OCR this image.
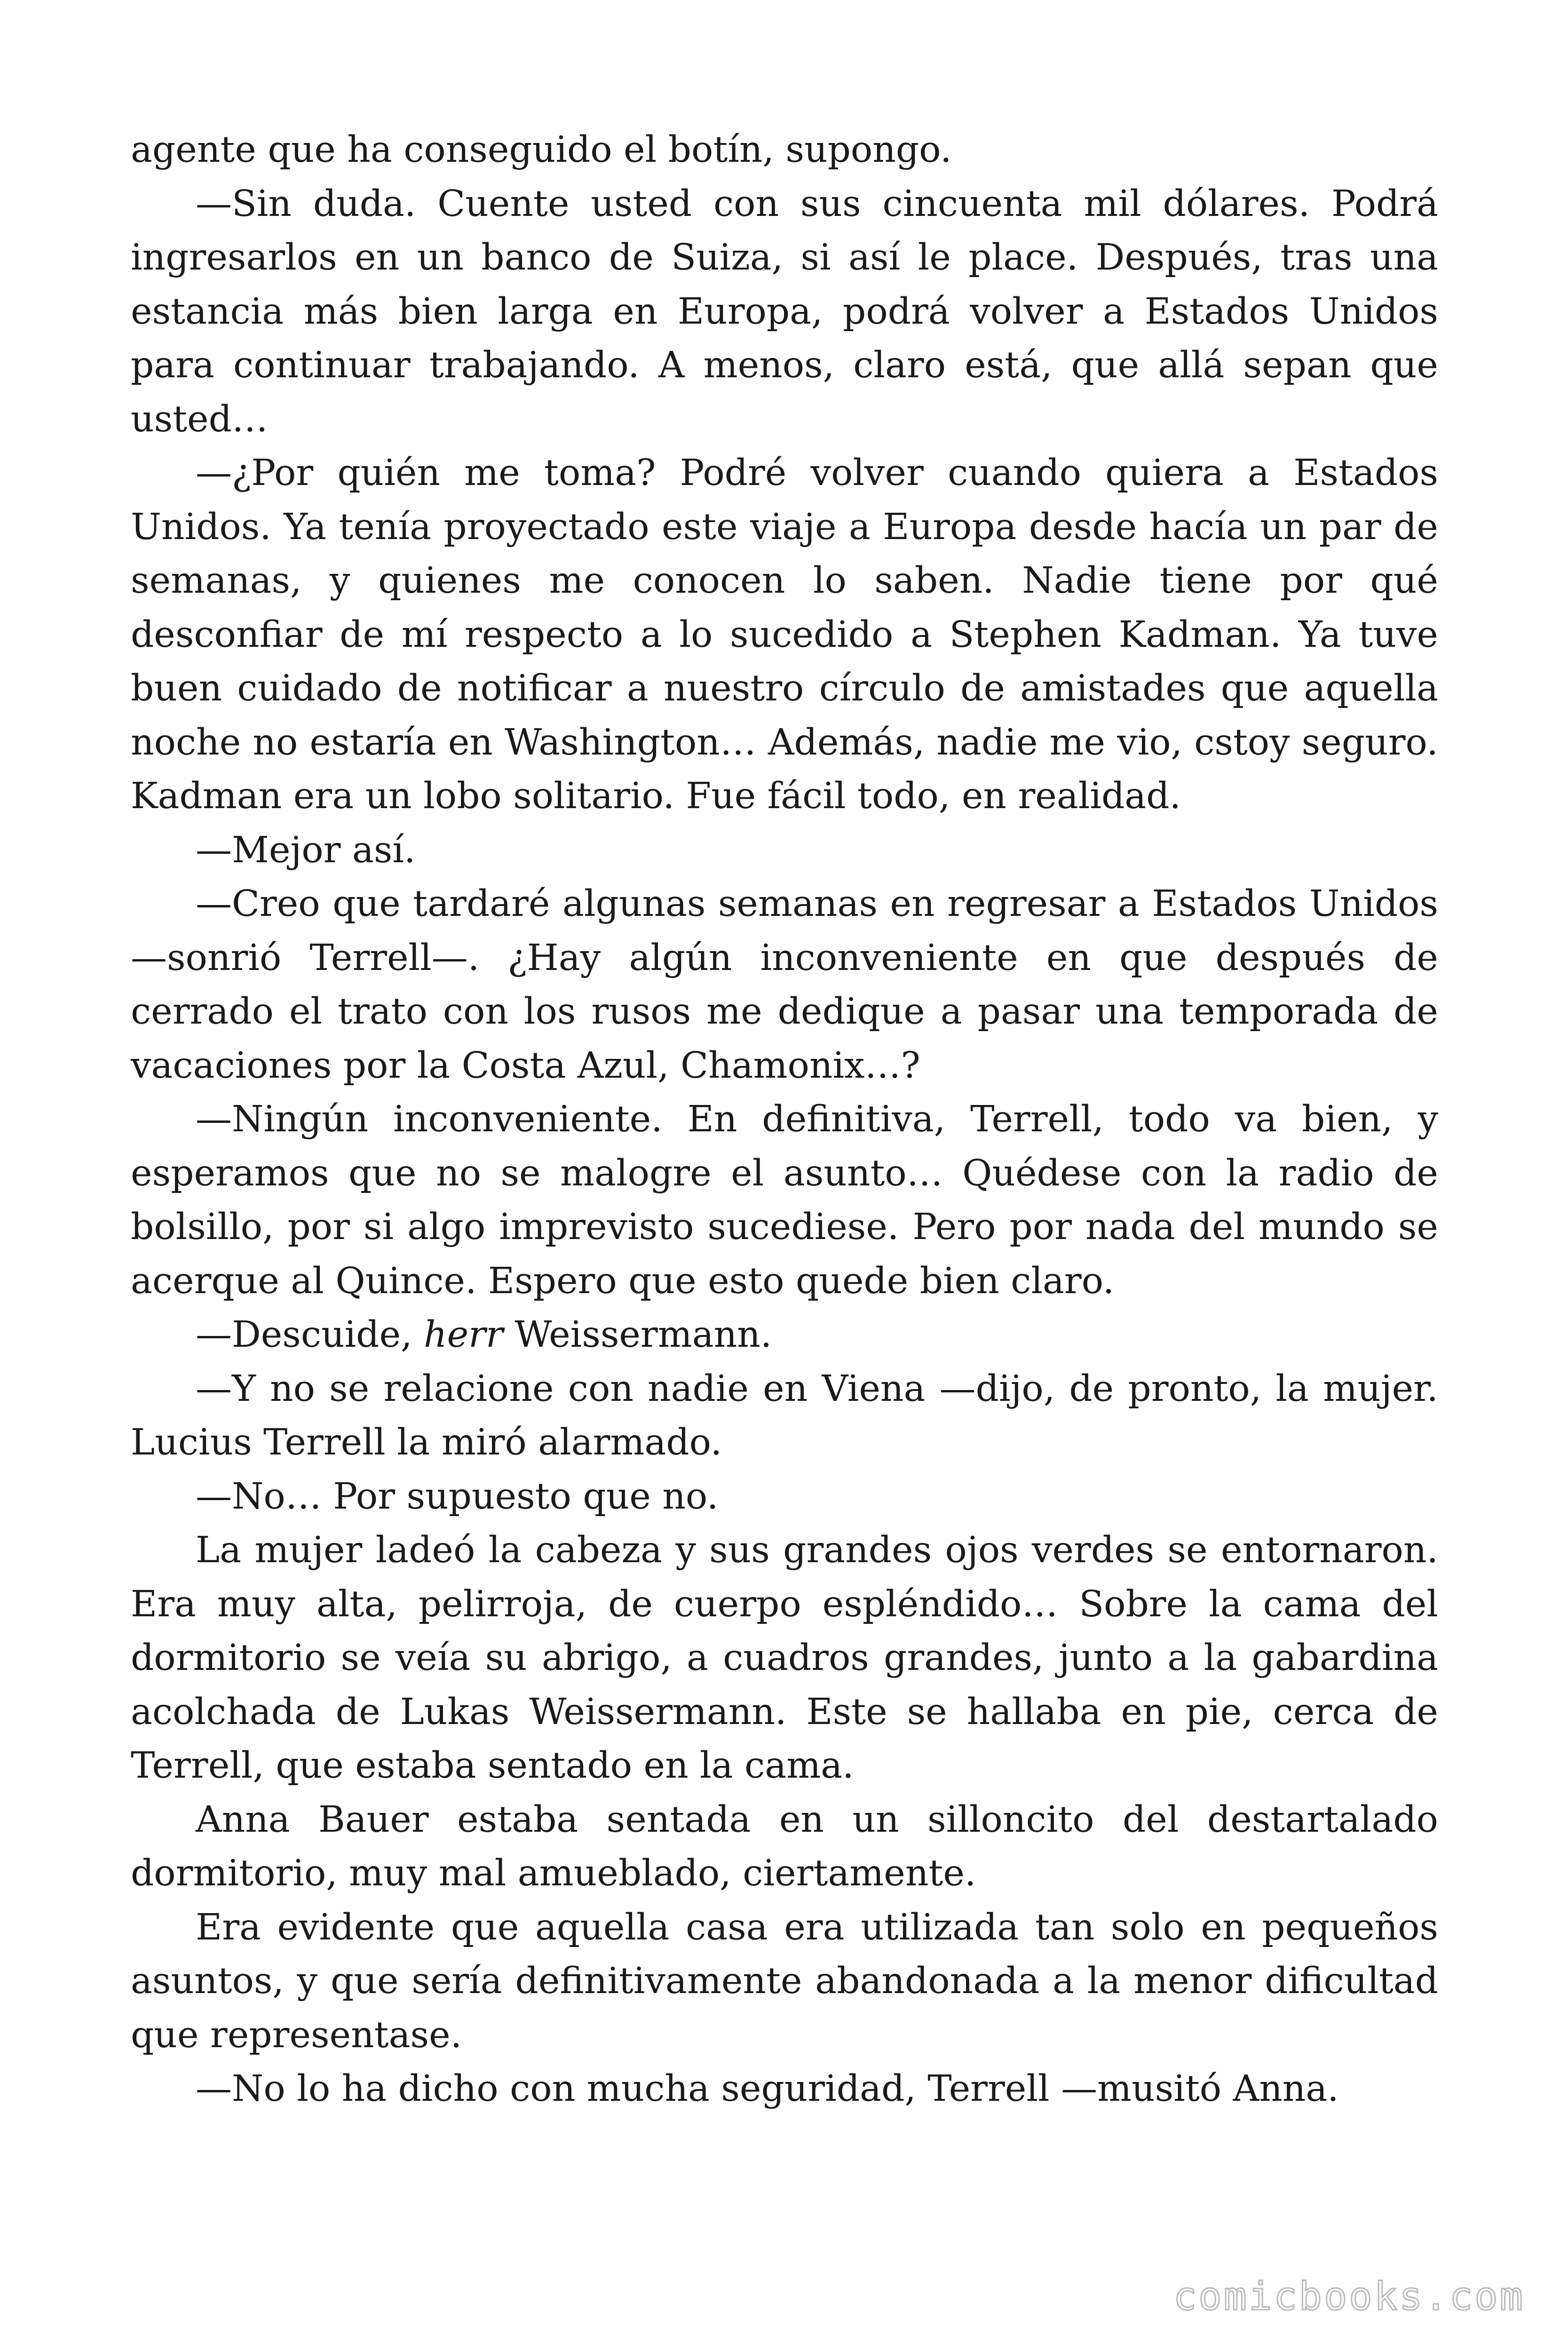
agente que ha conseguido el botín, supongo.

—Sin duda. Cuente usted con sus cincuenta mil dólares. Podrá ingresarlos en un banco de Suiza, si así le place. Después, tras una estancia más bien larga en Europa, podrá volver a Estados Unidos para continuar trabajando. A menos, claro está, que allá sepan que usted…

—¿Por quién me toma? Podré volver cuando quiera a Estados Unidos. Ya tenía proyectado este viaje a Europa desde hacía un par de semanas, y quienes me conocen lo saben. Nadie tiene por qué desconfiar de mí respecto a lo sucedido a Stephen Kadman. Ya tuve buen cuidado de notificar a nuestro círculo de amistades que aquella noche no estaría en Washington… Además, nadie me vio, cstoy seguro. Kadman era un lobo solitario. Fue fácil todo, en realidad.

—Mejor así.

—Creo que tardaré algunas semanas en regresar a Estados Unidos —sonrió Terrell—. ¿Hay algún inconveniente en que después de cerrado el trato con los rusos me dedique a pasar una temporada de vacaciones por la Costa Azul, Chamonix…?

—Ningún inconveniente. En definitiva, Terrell, todo va bien, y esperamos que no se malogre el asunto… Quédese con la radio de bolsillo, por si algo imprevisto sucediese. Pero por nada del mundo se acerque al Quince. Espero que esto quede bien claro.

—Descuide, herr Weissermann.

—Y no se relacione con nadie en Viena —dijo, de pronto, la mujer. Lucius Terrell la miró alarmado.

—No… Por supuesto que no.

La mujer ladeó la cabeza y sus grandes ojos verdes se entornaron. Era muy alta, pelirroja, de cuerpo espléndido… Sobre la cama del dormitorio se veía su abrigo, a cuadros grandes, junto a la gabardina acolchada de Lukas Weissermann. Este se hallaba en pie, cerca de Terrell, que estaba sentado en la cama.

Anna Bauer estaba sentada en un silloncito del destartalado dormitorio, muy mal amueblado, ciertamente.

Era evidente que aquella casa era utilizada tan solo en pequeños asuntos, y que sería definitivamente abandonada a la menor dificultad que representase.

—No lo ha dicho con mucha seguridad, Terrell —musitó Anna.

comicbooks.com
